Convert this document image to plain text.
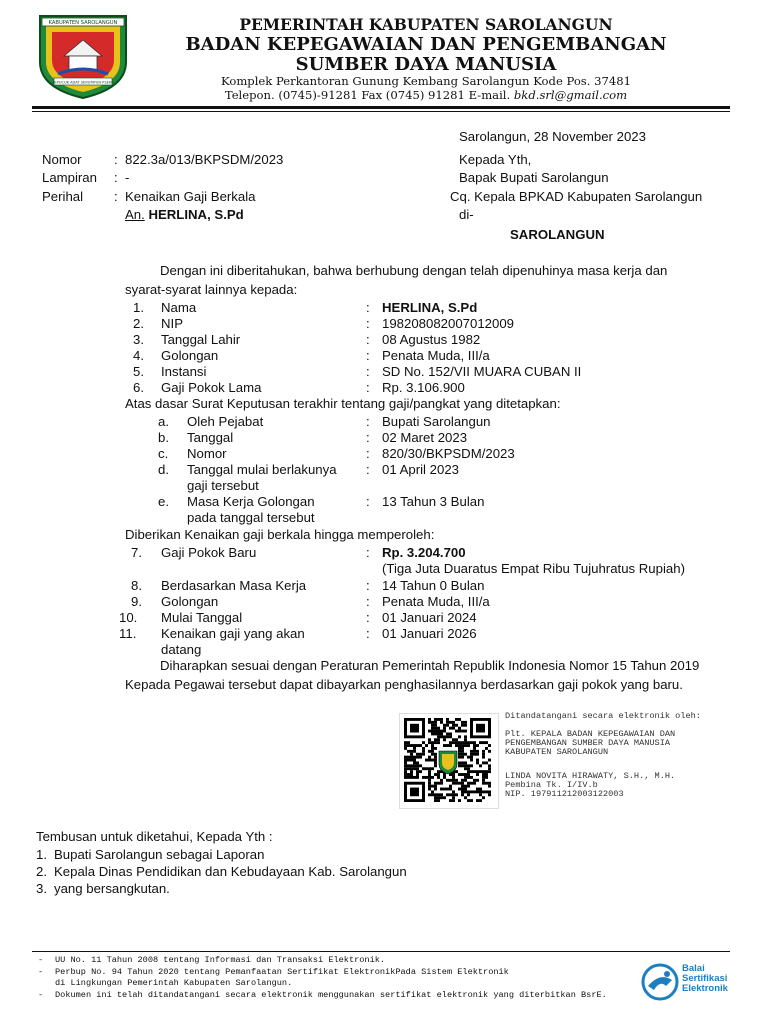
KABUPATEN SAROLANGUN
SEPUCUK ADAT SERUMPUN PSEKO
PEMERINTAH KABUPATEN SAROLANGUN
BADAN KEPEGAWAIAN DAN PENGEMBANGAN
SUMBER DAYA MANUSIA
Komplek Perkantoran Gunung Kembang Sarolangun Kode Pos. 37481
Telepon. (0745)-91281 Fax (0745) 91281 E-mail. bkd.srl@gmail.com
Sarolangun, 28 November 2023
Nomor : 822.3a/013/BKPSDM/2023
Lampiran : -
Perihal : Kenaikan Gaji Berkala
An. HERLINA, S.Pd
Kepada Yth,
Bapak Bupati Sarolangun
Cq. Kepala BPKAD Kabupaten Sarolangun
di-
SAROLANGUN
Dengan ini diberitahukan, bahwa berhubung dengan telah dipenuhinya masa kerja dan
syarat-syarat lainnya kepada:
1. Nama	: HERLINA, S.Pd
2. NIP	: 198208082007012009
3. Tanggal Lahir	: 08 Agustus 1982
4. Golongan	: Penata Muda, III/a
5. Instansi	: SD No. 152/VII MUARA CUBAN II
6. Gaji Pokok Lama	: Rp. 3.106.900
Atas dasar Surat Keputusan terakhir tentang gaji/pangkat yang ditetapkan:
a. Oleh Pejabat	: Bupati Sarolangun
b. Tanggal	: 02 Maret 2023
c. Nomor	: 820/30/BKPSDM/2023
d. Tanggal mulai berlakunya
gaji tersebut
: 01 April 2023
e. Masa Kerja Golongan
pada tanggal tersebut
: 13 Tahun 3 Bulan
Diberikan Kenaikan gaji berkala hingga memperoleh:
7. Gaji Pokok Baru	: Rp. 3.204.700
(Tiga Juta Duaratus Empat Ribu Tujuhratus Rupiah)
8. Berdasarkan Masa Kerja	: 14 Tahun 0 Bulan
9. Golongan	: Penata Muda, III/a
10. Mulai Tanggal	: 01 Januari 2024
11. Kenaikan gaji yang akan
datang
: 01 Januari 2026
Diharapkan sesuai dengan Peraturan Pemerintah Republik Indonesia Nomor 15 Tahun 2019
Kepada Pegawai tersebut dapat dibayarkan penghasilannya berdasarkan gaji pokok yang baru.
Ditandatangani secara elektronik oleh:
Plt. KEPALA BADAN KEPEGAWAIAN DAN
PENGEMBANGAN SUMBER DAYA MANUSIA
KABUPATEN SAROLANGUN
LINDA NOVITA HIRAWATY, S.H., M.H.
Pembina Tk. I/IV.b
NIP. 197911212003122003
Tembusan untuk diketahui, Kepada Yth :
1. Bupati Sarolangun sebagai Laporan
2. Kepala Dinas Pendidikan dan Kebudayaan Kab. Sarolangun
3. yang bersangkutan.
- UU No. 11 Tahun 2008 tentang Informasi dan Transaksi Elektronik.
- Perbup No. 94 Tahun 2020 tentang Pemanfaatan Sertifikat ElektronikPada Sistem Elektronik
di Lingkungan Pemerintah Kabupaten Sarolangun.
- Dokumen ini telah ditandatangani secara elektronik menggunakan sertifikat elektronik yang diterbitkan BsrE.
Balai
Sertifikasi
Elektronik
